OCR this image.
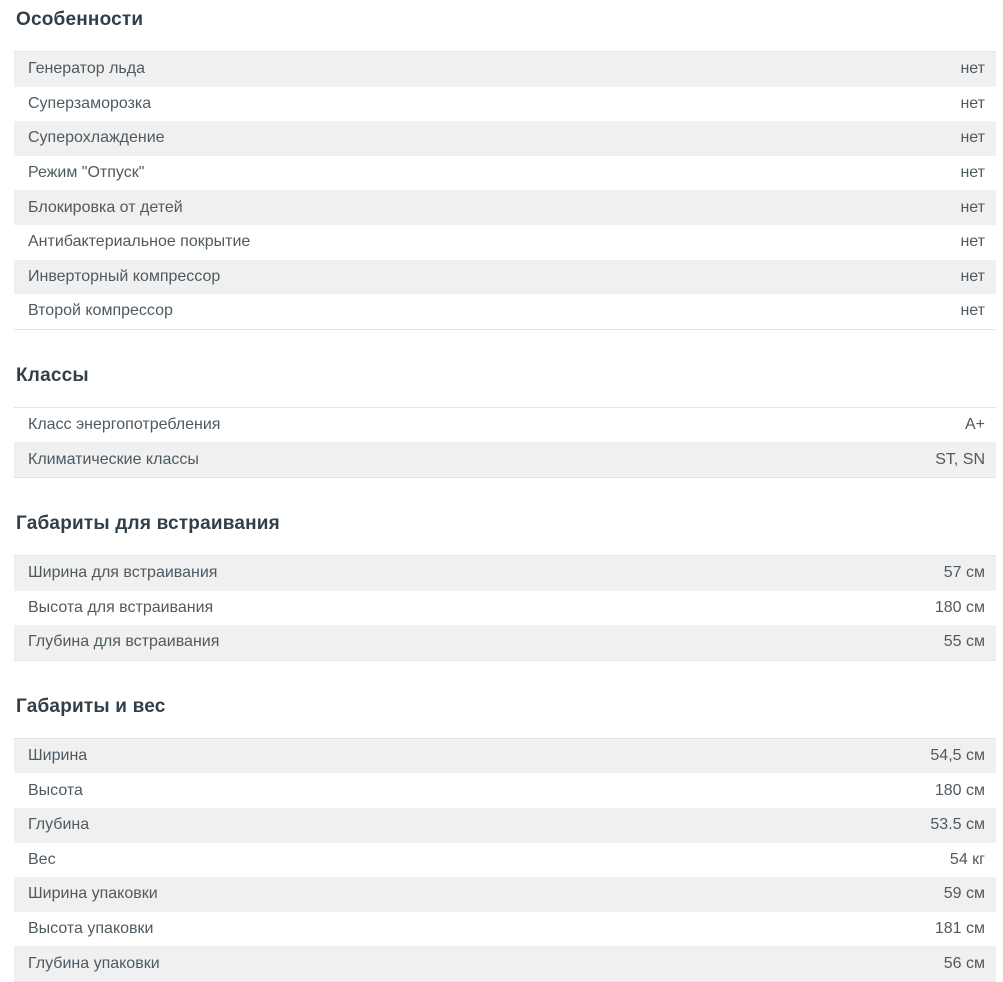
Особенности
Генератор льда	нет
Суперзаморозка	нет
Суперохлаждение	нет
Режим "Отпуск"	нет
Блокировка от детей	нет
Антибактериальное покрытие	нет
Инверторный компрессор	нет
Второй компрессор	нет
Классы
Класс энергопотребления	A+
Климатические классы	ST, SN
Габариты для встраивания
Ширина для встраивания	57 см
Высота для встраивания	180 см
Глубина для встраивания	55 см
Габариты и вес
Ширина	54,5 см
Высота	180 см
Глубина	53.5 см
Вес	54 кг
Ширина упаковки	59 см
Высота упаковки	181 см
Глубина упаковки	56 см
